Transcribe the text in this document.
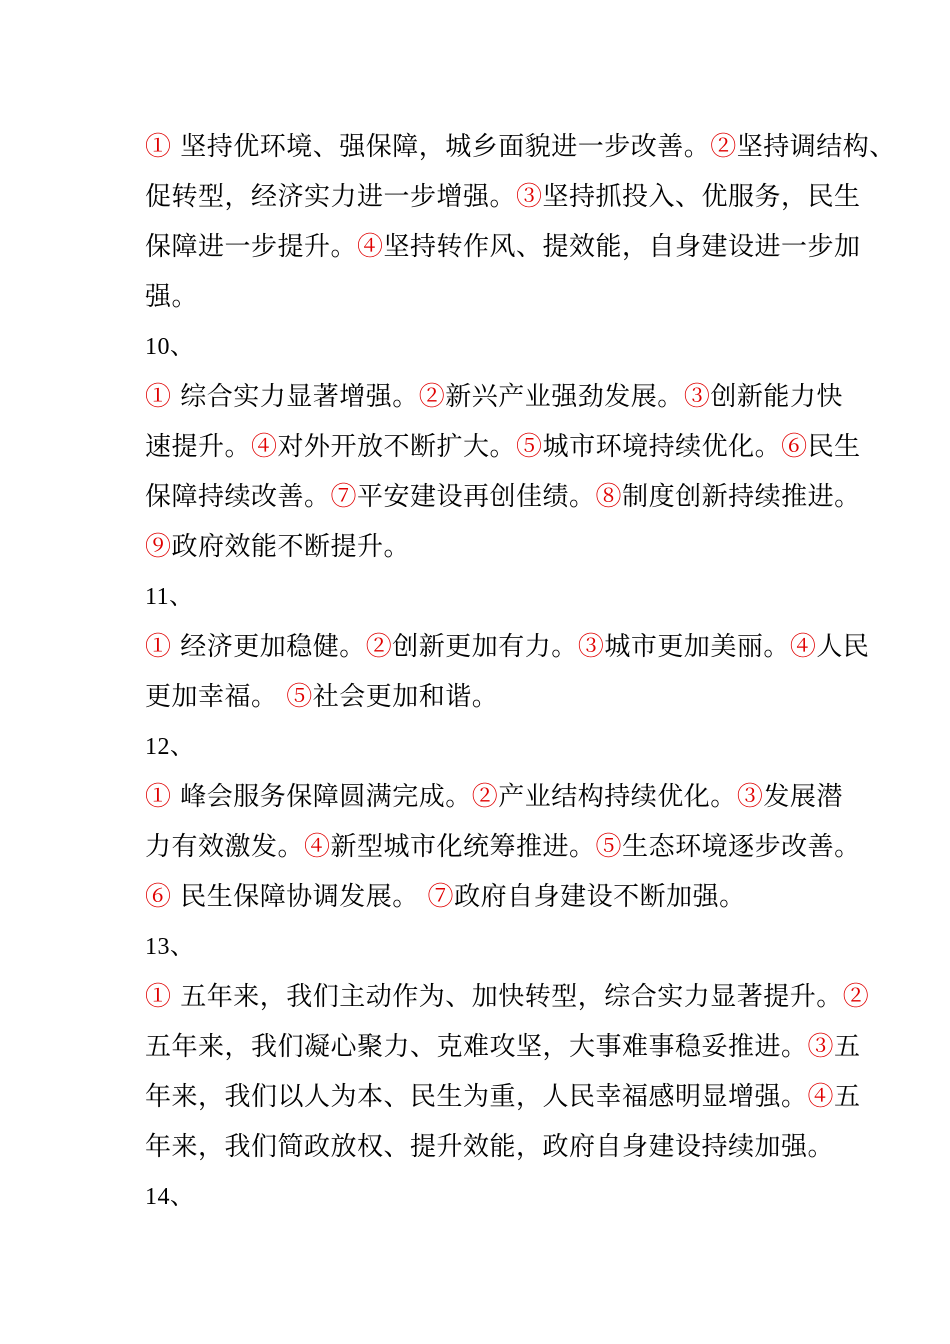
① 坚持优环境、强保障，城乡面貌进一步改善。②坚持调结构、
促转型，经济实力进一步增强。③坚持抓投入、优服务，民生
保障进一步提升。④坚持转作风、提效能，自身建设进一步加
强。
10、
① 综合实力显著增强。②新兴产业强劲发展。③创新能力快
速提升。④对外开放不断扩大。⑤城市环境持续优化。⑥民生
保障持续改善。⑦平安建设再创佳绩。⑧制度创新持续推进。
⑨政府效能不断提升。
11、
① 经济更加稳健。②创新更加有力。③城市更加美丽。④人民
更加幸福。 ⑤社会更加和谐。
12、
① 峰会服务保障圆满完成。②产业结构持续优化。③发展潜
力有效激发。④新型城市化统筹推进。⑤生态环境逐步改善。
⑥ 民生保障协调发展。 ⑦政府自身建设不断加强。
13、
① 五年来，我们主动作为、加快转型，综合实力显著提升。②
五年来，我们凝心聚力、克难攻坚，大事难事稳妥推进。③五
年来，我们以人为本、民生为重，人民幸福感明显增强。④五
年来，我们简政放权、提升效能，政府自身建设持续加强。
14、
